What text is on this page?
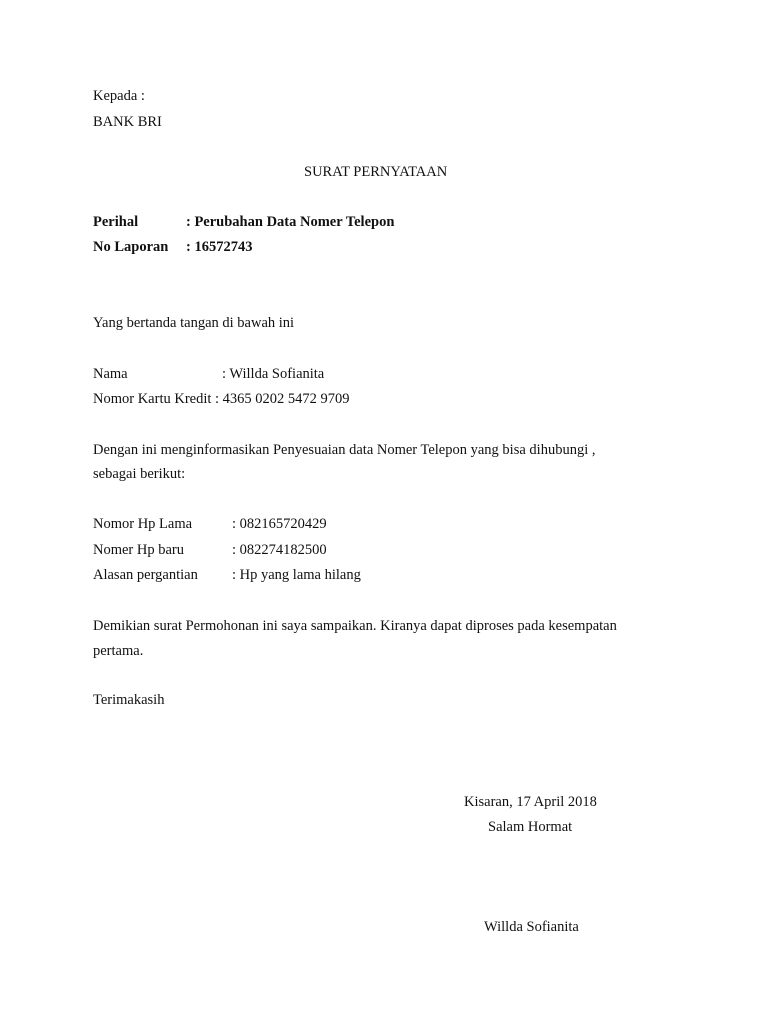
Kepada :
BANK BRI
SURAT PERNYATAAN
Perihal	: Perubahan Data Nomer Telepon
No Laporan : 16572743
Yang bertanda tangan di bawah ini
Nama	: Willda Sofianita
Nomor Kartu Kredit : 4365 0202 5472 9709
Dengan ini menginformasikan Penyesuaian data Nomer Telepon yang bisa dihubungi ,
sebagai berikut:
Nomor Hp Lama	: 082165720429
Nomer Hp baru	: 082274182500
Alasan pergantian : Hp yang lama hilang
Demikian surat Permohonan ini saya sampaikan. Kiranya dapat diproses pada kesempatan
pertama.
Terimakasih
Kisaran, 17 April 2018
Salam Hormat
Willda Sofianita
